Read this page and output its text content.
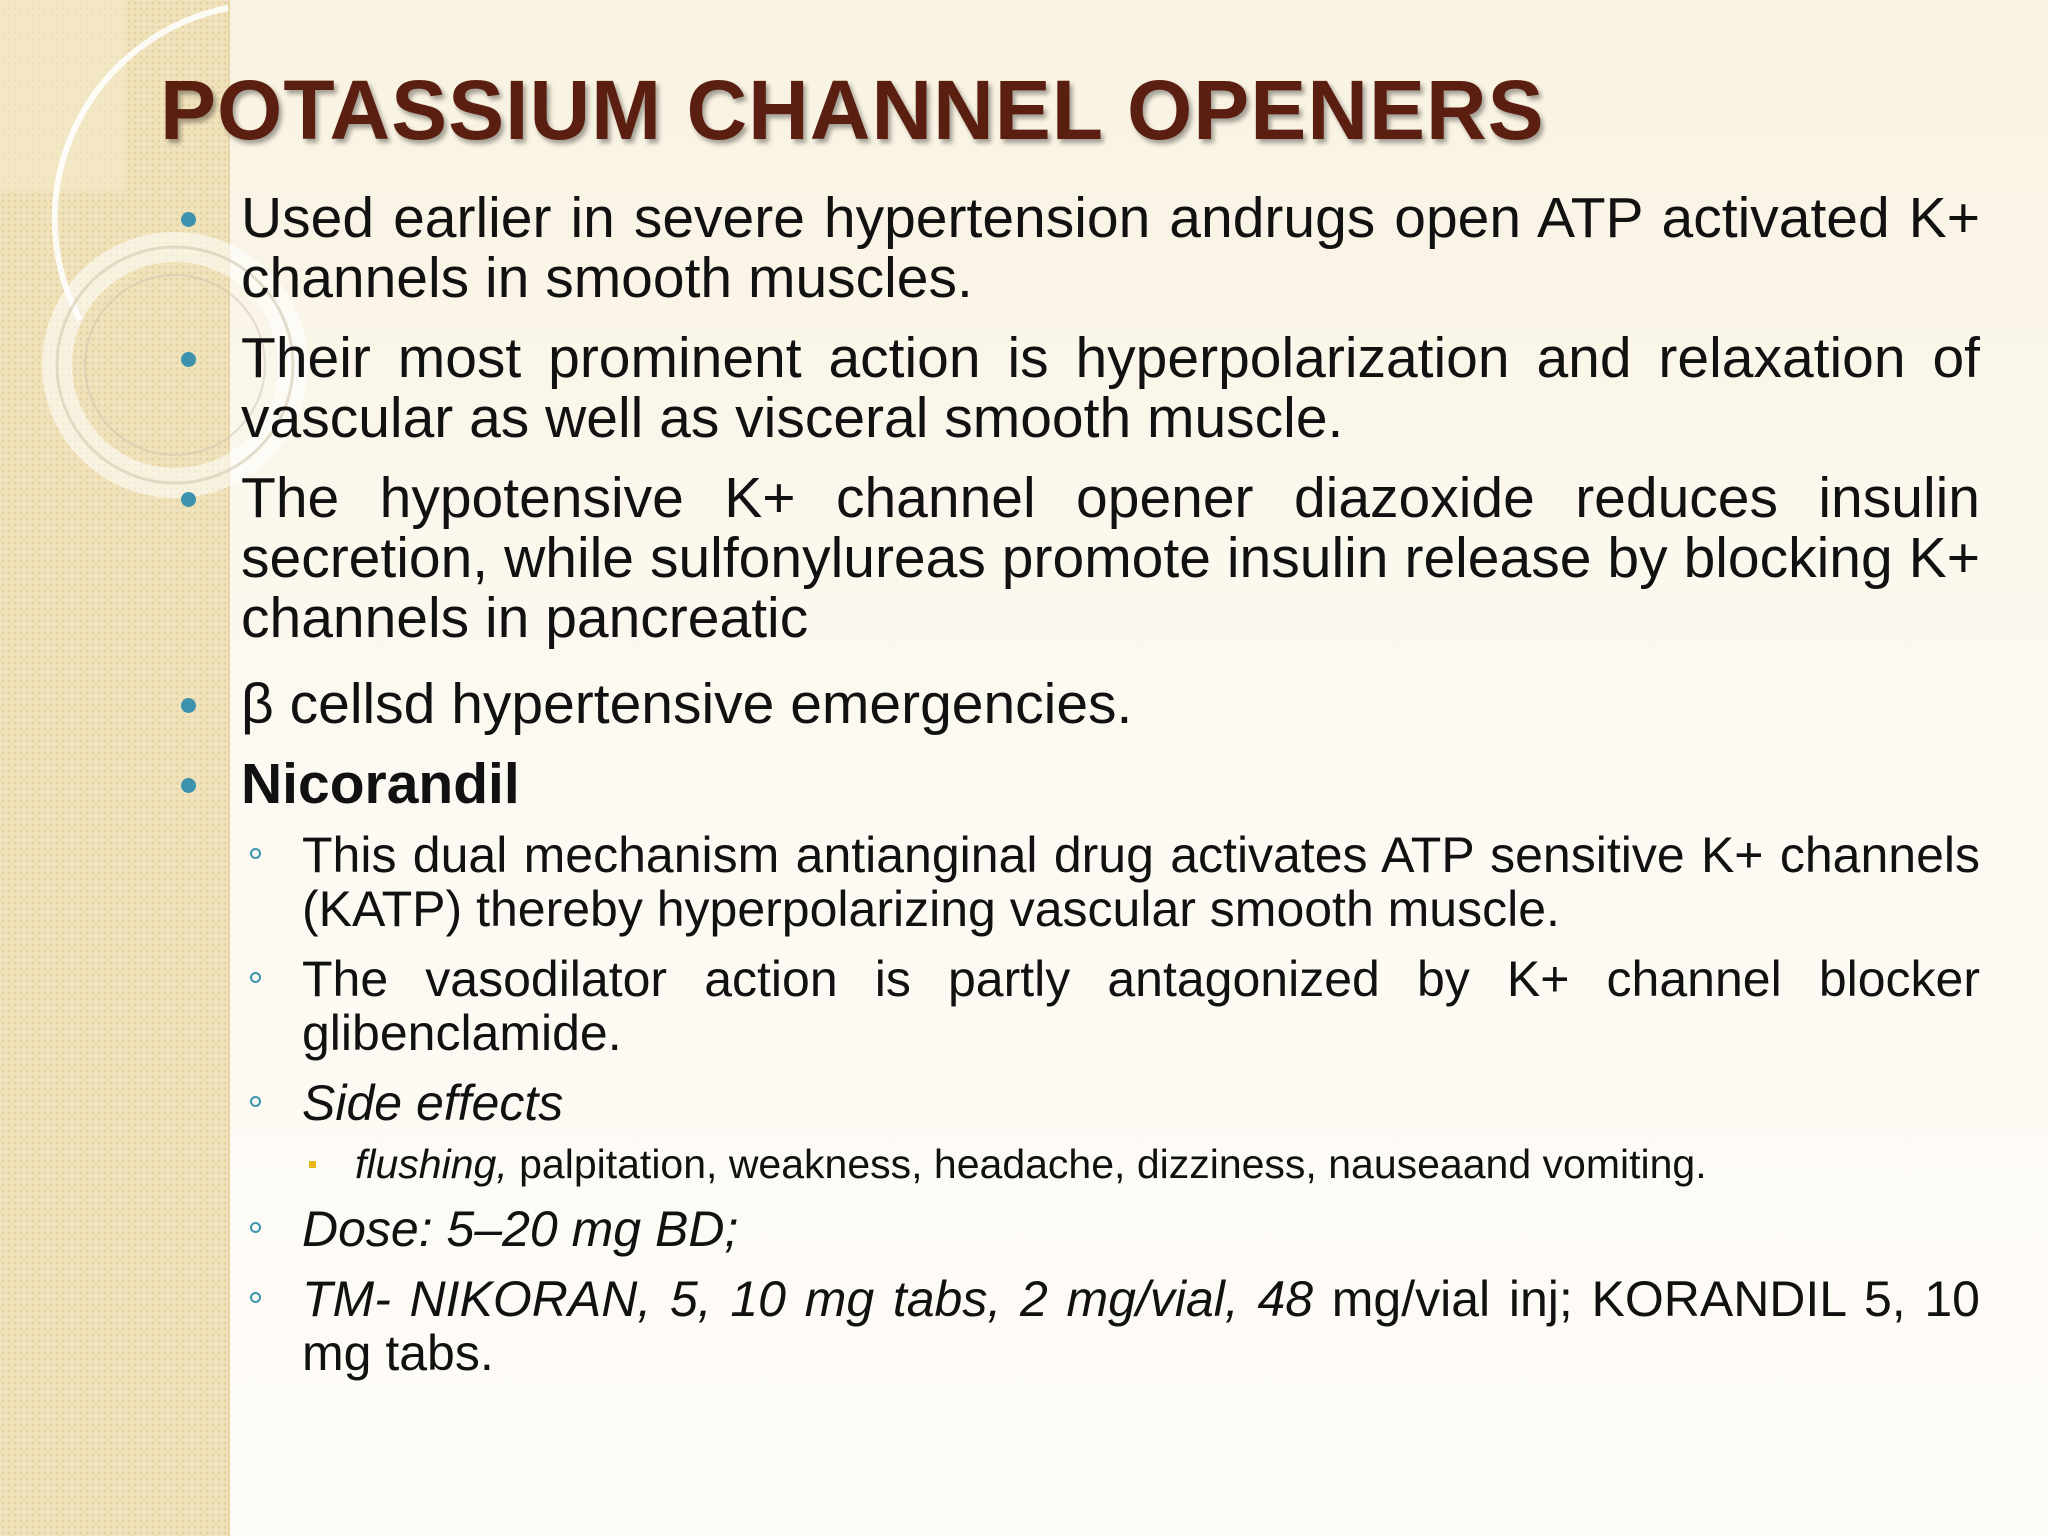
POTASSIUM CHANNEL OPENERS
Used earlier in severe hypertension andrugs open ATP activated K+ channels in smooth muscles.
Their most prominent action is hyperpolarization and relaxation of vascular as well as visceral smooth muscle.
The hypotensive K+ channel opener diazoxide reduces insulin secretion, while sulfonylureas promote insulin release by blocking K+ channels in pancreatic
β cellsd hypertensive emergencies.
Nicorandil
This dual mechanism antianginal drug activates ATP sensitive K+ channels (KATP) thereby hyperpolarizing vascular smooth muscle.
The vasodilator action is partly antagonized by K+ channel blocker glibenclamide.
Side effects
flushing, palpitation, weakness, headache, dizziness, nauseaand vomiting.
Dose: 5–20 mg BD;
TM- NIKORAN, 5, 10 mg tabs, 2 mg/vial, 48 mg/vial inj; KORANDIL 5, 10 mg tabs.
